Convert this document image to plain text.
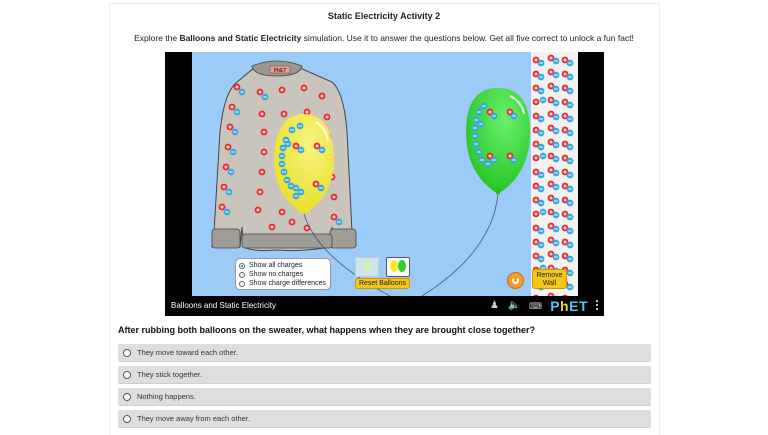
Static Electricity Activity 2
Explore the Balloons and Static Electricity simulation. Use it to answer the questions below. Get all five correct to unlock a fun fact!
PhET
Show all charges
Show no charges
Show charge differences	Reset Balloons
Remove
Wall
Balloons and Static Electricity	♟ 🔈 ⌨ PhET
After rubbing both balloons on the sweater, what happens when they are brought close together?
They move toward each other.
They stick together.
Nothing happens.
They move away from each other.
